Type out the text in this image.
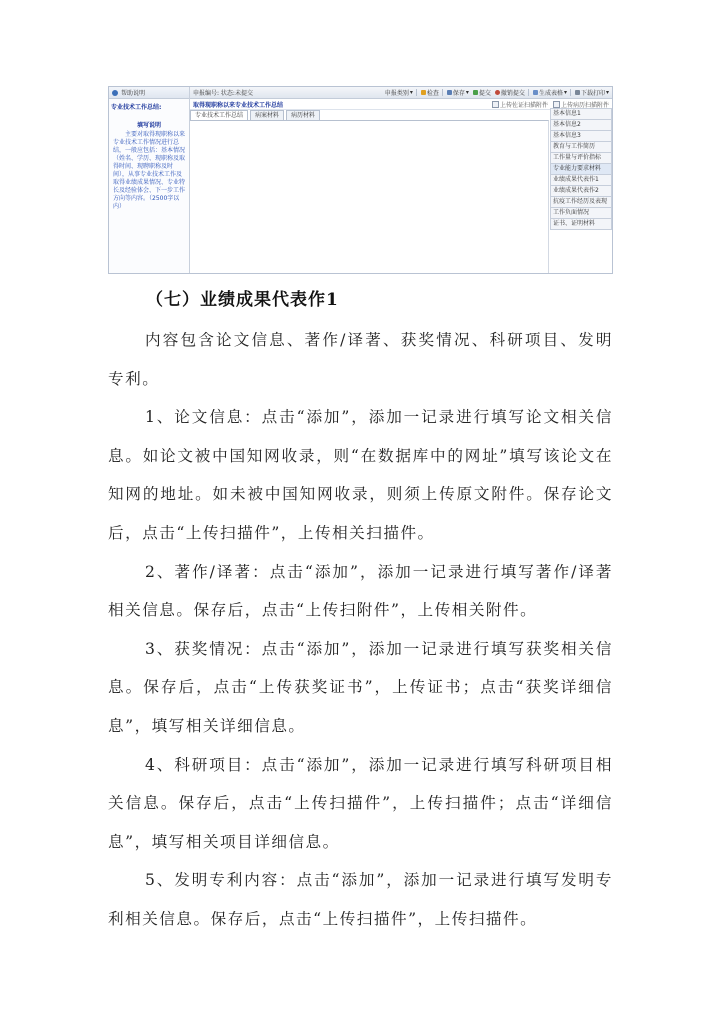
帮助说明
专业技术工作总结:
填写说明
主要对取得现职称以来专业技术工作情况进行总结，一般应包括：基本情况（姓名、学历、现职称及取得时间、现聘职称及时间），从事专业技术工作及取得业绩成果情况、专业特长及经验体会、下一步工作方向等内容。（2500字以内）
申报编号: 状态:未提交	申报类别 ▾ 检查 保存 ▾ 提交 撤销提交 生成表格 ▾ 下载打印 ▾
取得现职称以来专业技术工作总结	上传佐证扫描附件 上传病历扫描附件
专业技术工作总结	病案材料	病历材料	基本信息1
基本信息2
基本信息3
教育与工作简历
工作量与评价指标
专业能力要求材料
业绩成果代表作1
业绩成果代表作2
抗疫工作经历及表现
工作负面情况
证书、证明材料
（七）业绩成果代表作1

内容包含论文信息、著作/译著、获奖情况、科研项目、发明专利。

1、论文信息：点击“添加”，添加一记录进行填写论文相关信息。如论文被中国知网收录，则“在数据库中的网址”填写该论文在知网的地址。如未被中国知网收录，则须上传原文附件。保存论文后，点击“上传扫描件”，上传相关扫描件。

2、著作/译著：点击“添加”，添加一记录进行填写著作/译著相关信息。保存后，点击“上传扫附件”，上传相关附件。

3、获奖情况：点击“添加”，添加一记录进行填写获奖相关信息。保存后，点击“上传获奖证书”，上传证书；点击“获奖详细信息”，填写相关详细信息。

4、科研项目：点击“添加”，添加一记录进行填写科研项目相关信息。保存后，点击“上传扫描件”，上传扫描件；点击“详细信息”，填写相关项目详细信息。

5、发明专利内容：点击“添加”，添加一记录进行填写发明专利相关信息。保存后，点击“上传扫描件”，上传扫描件。
